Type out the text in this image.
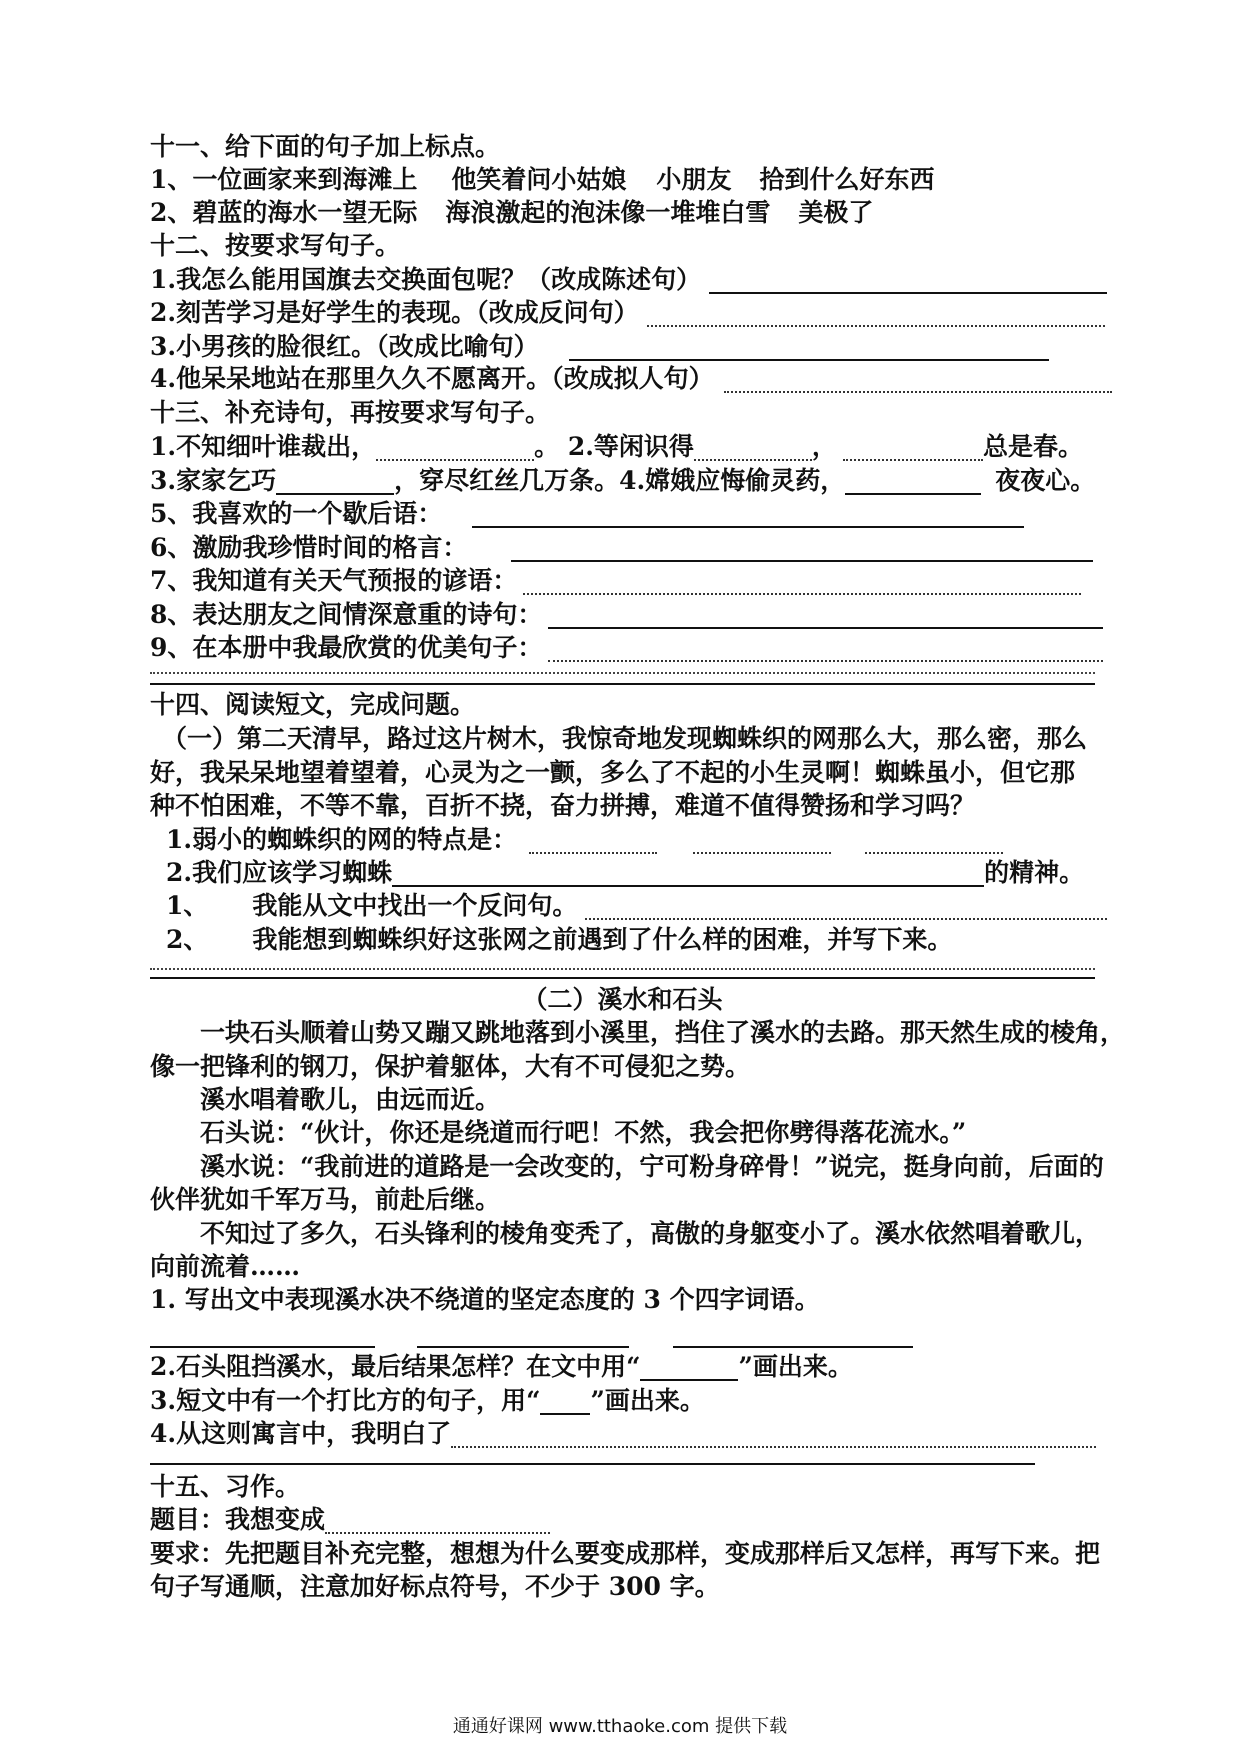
十一、给下面的句子加上标点。
1、一位画家来到海滩上 他笑着问小姑娘 小朋友 拾到什么好东西
2、碧蓝的海水一望无际 海浪激起的泡沫像一堆堆白雪 美极了
十二、按要求写句子。
1.我怎么能用国旗去交换面包呢？（改成陈述句）
2.刻苦学习是好学生的表现。（改成反问句）
3.小男孩的脸很红。（改成比喻句）
4.他呆呆地站在那里久久不愿离开。（改成拟人句）
十三、补充诗句，再按要求写句子。
1.不知细叶谁裁出，	。 2.等闲识得	，	总是春。
3.家家乞巧	，穿尽红丝几万条。4.嫦娥应悔偷灵药，	夜夜心。
5、我喜欢的一个歇后语：
6、激励我珍惜时间的格言：
7、我知道有关天气预报的谚语：
8、表达朋友之间情深意重的诗句：
9、在本册中我最欣赏的优美句子：
十四、阅读短文，完成问题。
（一）第二天清早，路过这片树木，我惊奇地发现蜘蛛织的网那么大，那么密，那么
好，我呆呆地望着望着，心灵为之一颤，多么了不起的小生灵啊！蜘蛛虽小，但它那
种不怕困难，不等不靠，百折不挠，奋力拼搏，难道不值得赞扬和学习吗？
1.弱小的蜘蛛织的网的特点是：
2.我们应该学习蜘蛛	的精神。
1、 我能从文中找出一个反问句。
2、 我能想到蜘蛛织好这张网之前遇到了什么样的困难，并写下来。
（二）溪水和石头
一块石头顺着山势又蹦又跳地落到小溪里，挡住了溪水的去路。那天然生成的棱角，
像一把锋利的钢刀，保护着躯体，大有不可侵犯之势。
溪水唱着歌儿，由远而近。
石头说：“伙计，你还是绕道而行吧！不然，我会把你劈得落花流水。”
溪水说：“我前进的道路是一会改变的，宁可粉身碎骨！”说完，挺身向前，后面的
伙伴犹如千军万马，前赴后继。
不知过了多久，石头锋利的棱角变秃了，高傲的身躯变小了。溪水依然唱着歌儿，
向前流着……
1. 写出文中表现溪水决不绕道的坚定态度的 3 个四字词语。
2.石头阻挡溪水，最后结果怎样？在文中用“	”画出来。
3.短文中有一个打比方的句子，用“ ”画出来。
4.从这则寓言中，我明白了
十五、习作。
题目：我想变成
要求：先把题目补充完整，想想为什么要变成那样，变成那样后又怎样，再写下来。把
句子写通顺，注意加好标点符号，不少于 300 字。
通通好课网 www.tthaoke.com 提供下载
